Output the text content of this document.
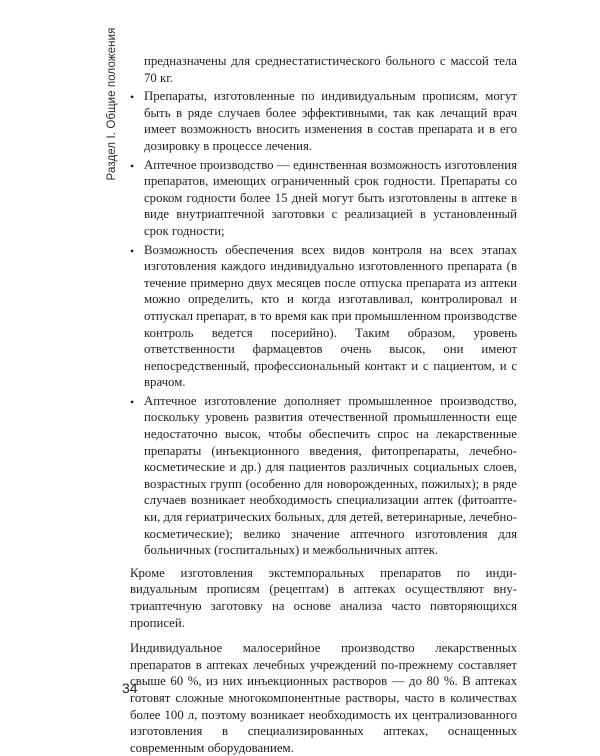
Раздел I. Общие положения предназначены для среднестатистического больного с массой тела 70 кг.
• Препараты, изготовленные по индивидуальным прописям, могут быть в ряде случаев более эффективными, так как лечащий врач имеет возможность вносить изменения в состав препарата и в его дозировку в процессе лечения.
• Аптечное производство — единственная возможность изготовления препаратов, имеющих ограниченный срок годности. Препараты со сроком годности более 15 дней могут быть изготовлены в аптеке в виде внутриаптечной заготовки с реализацией в установленный срок годности;
• Возможность обеспечения всех видов контроля на всех этапах изготовления каждого индивидуально изготовленного препарата (в течение примерно двух месяцев после отпуска препарата из аптеки можно определить, кто и когда изготавливал, контролировал и отпускал препарат, в то время как при промышленном производстве контроль ведется посерийно). Таким образом, уровень ответственности фармацевтов очень высок, они имеют непосредственный, профессиональный контакт и с пациентом, и с врачом.
• Аптечное изготовление дополняет промышленное производство, поскольку уровень развития отечественной промышленности еще недостаточно высок, чтобы обеспечить спрос на лекарственные препараты (инъекционного введения, фитопрепараты, лечебно-косметические и др.) для пациентов различных социальных слоев, возрастных групп (особенно для новорожденных, пожилых); в ряде случаев возникает необходимость специализации аптек (фитоаптеки, для гериатрических больных, для детей, ветеринарные, лечебно-косметические); велико значение аптечного изготовления для больничных (госпитальных) и межбольничных аптек.

Кроме изготовления экстемпоральных препаратов по индивидуальным прописям (рецептам) в аптеках осуществляют внутриаптечную заготовку на основе анализа часто повторяющихся прописей.

Индивидуальное малосерийное производство лекарственных препаратов в аптеках лечебных учреждений по-прежнему составляет свыше 60 %, из них инъекционных растворов — до 80 %. В аптеках готовят сложные многокомпонентные растворы, часто в количествах более 100 л, поэтому возникает необходимость их централизованного изготовления в специализированных аптеках, оснащенных современным оборудованием.

34
